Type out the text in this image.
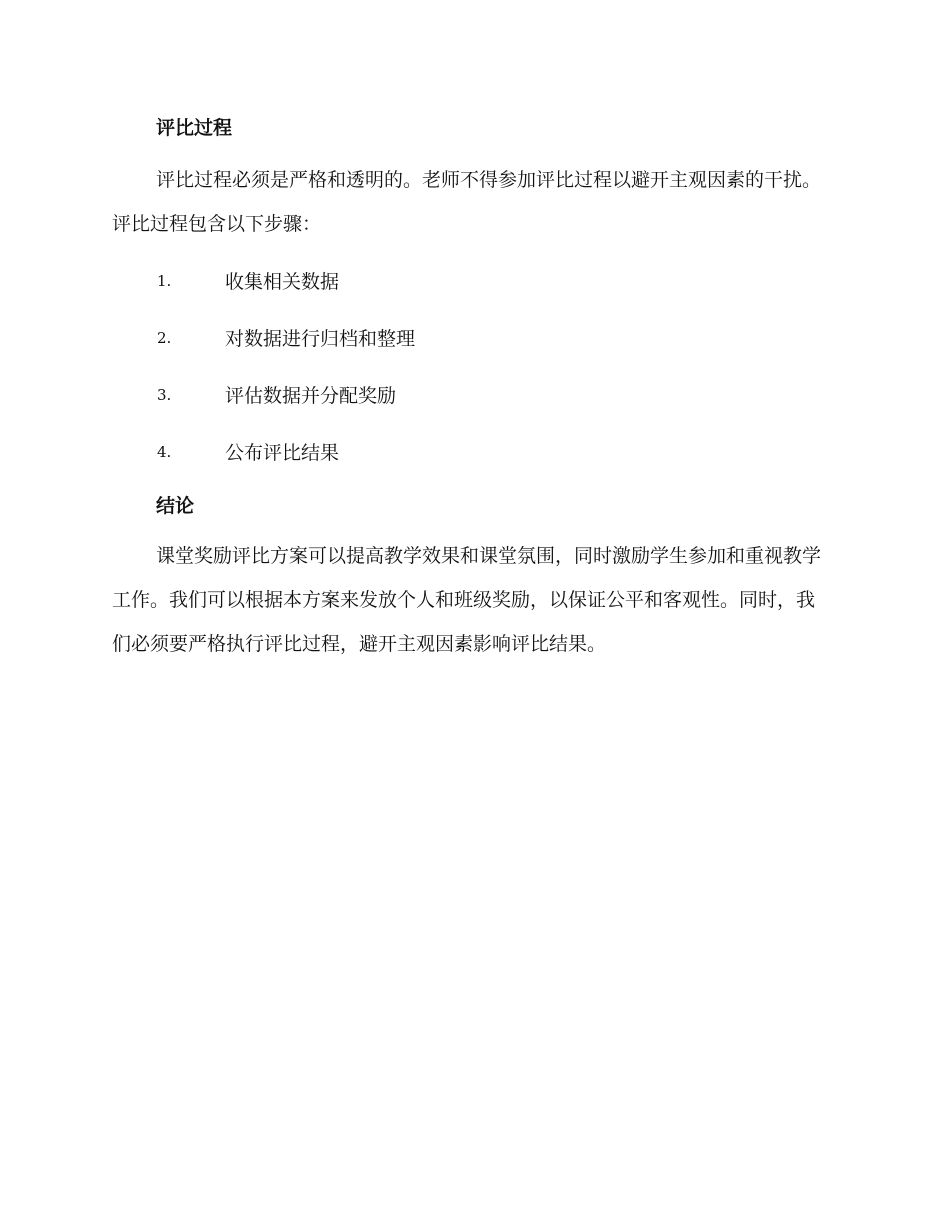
评比过程

评比过程必须是严格和透明的。老师不得参加评比过程以避开主观因素的干扰。评比过程包含以下步骤：

1.	收集相关数据
2.	对数据进行归档和整理
3.	评估数据并分配奖励
4.	公布评比结果
结论

课堂奖励评比方案可以提高教学效果和课堂氛围，同时激励学生参加和重视教学工作。我们可以根据本方案来发放个人和班级奖励，以保证公平和客观性。同时，我们必须要严格执行评比过程，避开主观因素影响评比结果。
